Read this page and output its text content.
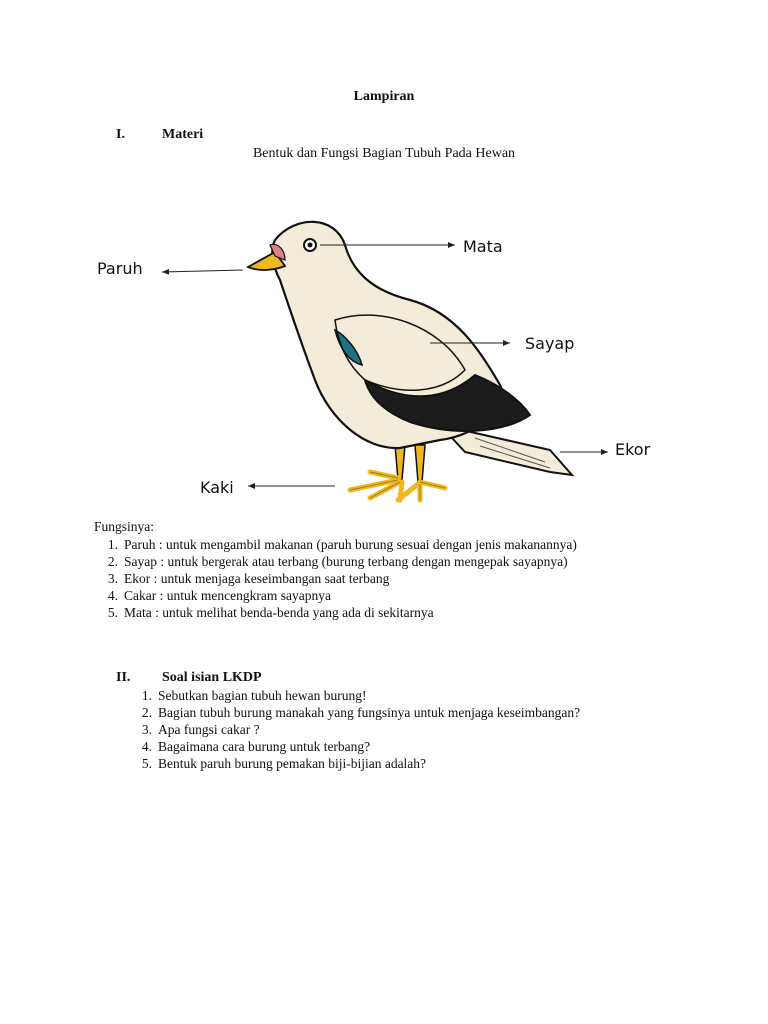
Lampiran
I.	Materi
Bentuk dan Fungsi Bagian Tubuh Pada Hewan
Mata
Paruh
Sayap
Ekor
Kaki
Fungsinya:
1. Paruh : untuk mengambil makanan (paruh burung sesuai dengan jenis makanannya)
2. Sayap : untuk bergerak atau terbang (burung terbang dengan mengepak sayapnya)
3. Ekor : untuk menjaga keseimbangan saat terbang
4. Cakar : untuk mencengkram sayapnya
5. Mata : untuk melihat benda-benda yang ada di sekitarnya
II. Soal isian LKDP
1. Sebutkan bagian tubuh hewan burung!
2. Bagian tubuh burung manakah yang fungsinya untuk menjaga keseimbangan?
3. Apa fungsi cakar ?
4. Bagaimana cara burung untuk terbang?
5. Bentuk paruh burung pemakan biji-bijian adalah?
